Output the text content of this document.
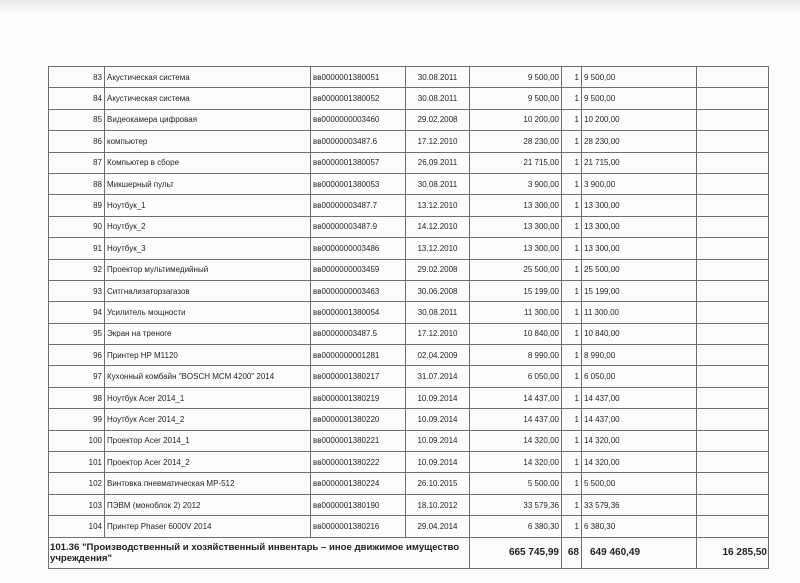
83	Акустическая система	вв0000001380051	30.08.2011	9 500,00	1	9 500,00	
84	Акустическая система	вв0000001380052	30.08.2011	9 500,00	1	9 500,00	
85	Видеокамера цифровая	вв0000000003460	29.02.2008	10 200,00	1	10 200,00	
86	компьютер	вв00000003487.6	17.12.2010	28 230,00	1	28 230,00	
87	Компьютер в сборе	вв0000001380057	26.09.2011	21 715,00	1	21 715,00	
88	Микшерный пульт	вв0000001380053	30.08.2011	3 900,00	1	3 900,00	
89	Ноутбук_1	вв00000003487.7	13.12.2010	13 300,00	1	13 300,00	
90	Ноутбук_2	вв00000003487.9	14.12.2010	13 300,00	1	13 300,00	
91	Ноутбук_3	вв0000000003486	13.12.2010	13 300,00	1	13 300,00	
92	Проектор мультимедийный	вв0000000003459	29.02.2008	25 500,00	1	25 500,00	
93	Ситгнализаторзагазов	вв0000000003463	30.06.2008	15 199,00	1	15 199,00	
94	Усилитель мощности	вв0000001380054	30.08.2011	11 300,00	1	11 300,00	
95	Экран на треноге	вв00000003487.5	17.12.2010	10 840,00	1	10 840,00	
96	Принтер HP M1120	вв0000000001281	02.04.2009	8 990,00	1	8 990,00	
97	Кухонный комбайн "BOSCH MCM 4200" 2014	вв0000001380217	31.07.2014	6 050,00	1	6 050,00	
98	Ноутбук Acer 2014_1	вв0000001380219	10.09.2014	14 437,00	1	14 437,00	
99	Ноутбук Acer 2014_2	вв0000001380220	10.09.2014	14 437,00	1	14 437,00	
100	Проектор Acer 2014_1	вв0000001380221	10.09.2014	14 320,00	1	14 320,00	
101	Проектор Acer 2014_2	вв0000001380222	10.09.2014	14 320,00	1	14 320,00	
102	Винтовка пневматическая MP-512	вв0000001380224	26.10.2015	5 500,00	1	5 500,00	
103	ПЭВМ (моноблок 2) 2012	вв0000001380190	18.10.2012	33 579,36	1	33 579,36	
104	Принтер Phaser 6000V 2014	вв0000001380216	29.04.2014	6 380,30	1	6 380,30	
101.36 "Производственный и хозяйственный инвентарь – иное движимое имущество учреждения"				665 745,99	68	649 460,49	16 285,50
